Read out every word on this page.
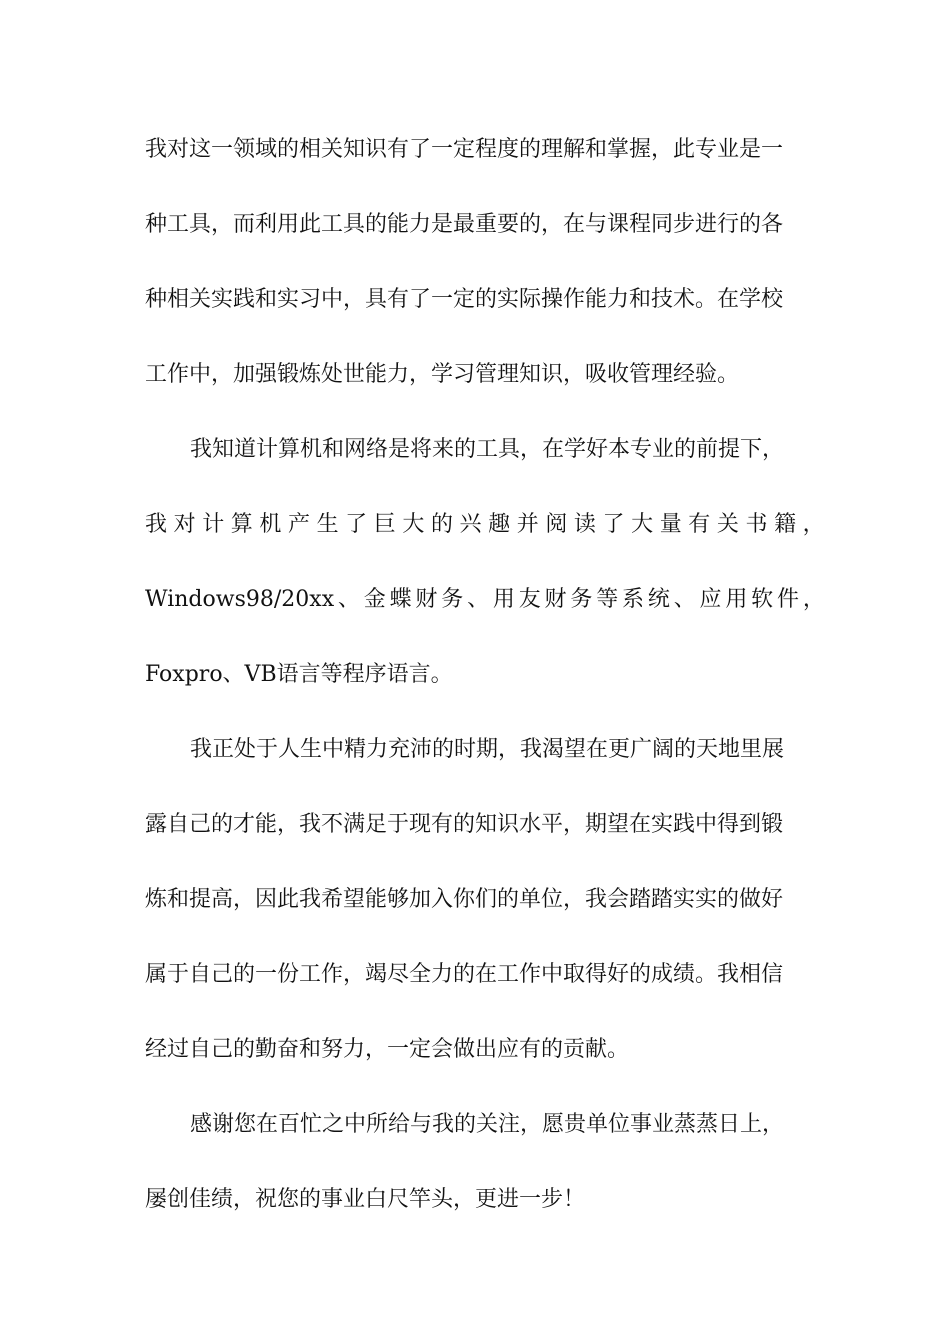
我对这一领域的相关知识有了一定程度的理解和掌握，此专业是一
种工具，而利用此工具的能力是最重要的，在与课程同步进行的各
种相关实践和实习中，具有了一定的实际操作能力和技术。在学校
工作中，加强锻炼处世能力，学习管理知识，吸收管理经验。
我知道计算机和网络是将来的工具，在学好本专业的前提下，
我 对 计 算 机 产 生 了 巨 大 的 兴 趣 并 阅 读 了 大 量 有 关 书 籍 ，
Windows98/20xx 、 金 蝶 财 务 、 用 友 财 务 等 系 统 、 应 用 软 件 ，
Foxpro、VB语言等程序语言。
我正处于人生中精力充沛的时期，我渴望在更广阔的天地里展
露自己的才能，我不满足于现有的知识水平，期望在实践中得到锻
炼和提高，因此我希望能够加入你们的单位，我会踏踏实实的做好
属于自己的一份工作，竭尽全力的在工作中取得好的成绩。我相信
经过自己的勤奋和努力，一定会做出应有的贡献。
感谢您在百忙之中所给与我的关注，愿贵单位事业蒸蒸日上，
屡创佳绩，祝您的事业白尺竿头，更进一步！
